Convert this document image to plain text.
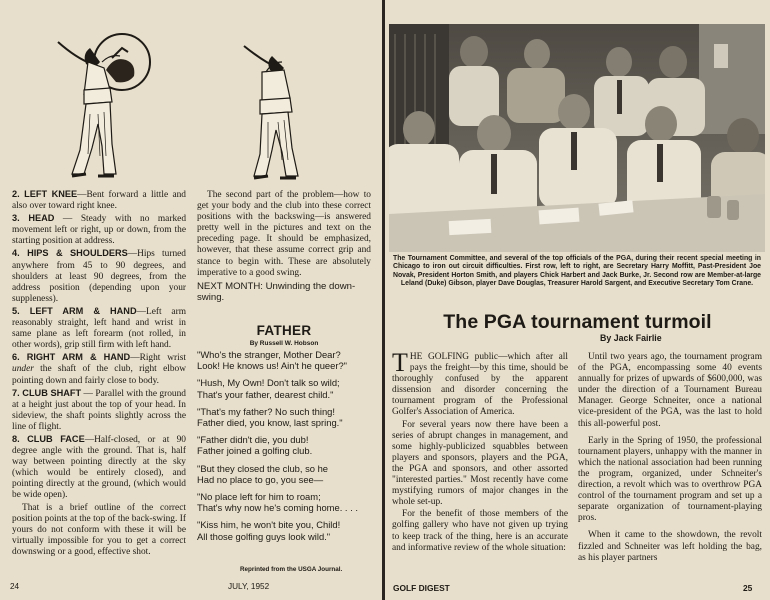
2. LEFT KNEE—Bent forward a little and also over toward right knee.

3. HEAD — Steady with no marked movement left or right, up or down, from the starting position at address.

4. HIPS & SHOULDERS—Hips turned anywhere from 45 to 90 degrees, and shoulders at least 90 degrees, from the address position (depending upon your suppleness).

5. LEFT ARM & HAND—Left arm reasonably straight, left hand and wrist in same plane as left forearm (not rolled, in other words), grip still firm with left hand.

6. RIGHT ARM & HAND—Right wrist under the shaft of the club, right elbow pointing down and fairly close to body.

7. CLUB SHAFT — Parallel with the ground at a height just about the top of your head. In sideview, the shaft points slightly across the line of flight.

8. CLUB FACE—Half-closed, or at 90 degree angle with the ground. That is, half way between pointing directly at the sky (which would be entirely closed), and pointing directly at the ground, (which would be wide open).

That is a brief outline of the correct position points at the top of the back-swing. If yours do not conform with these it will be virtually impossible for you to get a correct downswing or a good, effective shot.

The second part of the problem—how to get your body and the club into these correct positions with the backswing—is answered pretty well in the pictures and text on the preceding page. It should be emphasized, however, that these assume correct grip and stance to begin with. These are absolutely imperative to a good swing.

NEXT MONTH: Unwinding the down-swing.

FATHER
By Russell W. Hobson
"Who's the stranger, Mother Dear?
Look! He knows us! Ain't he queer?"
"Hush, My Own! Don't talk so wild;
That's your father, dearest child."
"That's my father? No such thing!
Father died, you know, last spring."
"Father didn't die, you dub!
Father joined a golfing club.
"But they closed the club, so he
Had no place to go, you see—
"No place left for him to roam;
That's why now he's coming home. . . .
"Kiss him, he won't bite you, Child!
All those golfing guys look wild."
Reprinted from the USGA Journal.
24	JULY, 1952
The Tournament Committee, and several of the top officials of the PGA, during their recent special meeting in Chicago to iron out circuit difficulties. First row, left to right, are Secretary Harry Moffitt, Past-President Joe Novak, President Horton Smith, and players Chick Harbert and Jack Burke, Jr. Second row are Member-at-large Leland (Duke) Gibson, player Dave Douglas, Treasurer Harold Sargent, and Executive Secretary Tom Crane.
The PGA tournament turmoil
By Jack Fairlie

THE GOLFING public—which after all pays the freight—by this time, should be thoroughly confused by the apparent dissension and disorder concerning the tournament program of the Professional Golfer's Association of America.

For several years now there have been a series of abrupt changes in management, and some highly-publicized squabbles between players and sponsors, players and the PGA, the PGA and sponsors, and other assorted "interested parties." Most recently have come mystifying rumors of major changes in the whole set-up.

For the benefit of those members of the golfing gallery who have not given up trying to keep track of the thing, here is an accurate and informative review of the whole situation:

Until two years ago, the tournament program of the PGA, encompassing some 40 events annually for prizes of upwards of $600,000, was under the direction of a Tournament Bureau Manager. George Schneiter, once a national vice-president of the PGA, was the last to hold this all-powerful post.

Early in the Spring of 1950, the professional tournament players, unhappy with the manner in which the national association had been running the program, organized, under Schneiter's direction, a revolt which was to overthrow PGA control of the tournament program and set up a separate organization of tournament-playing pros.

When it came to the showdown, the revolt fizzled and Schneiter was left holding the bag, as his player partners

GOLF DIGEST	25
